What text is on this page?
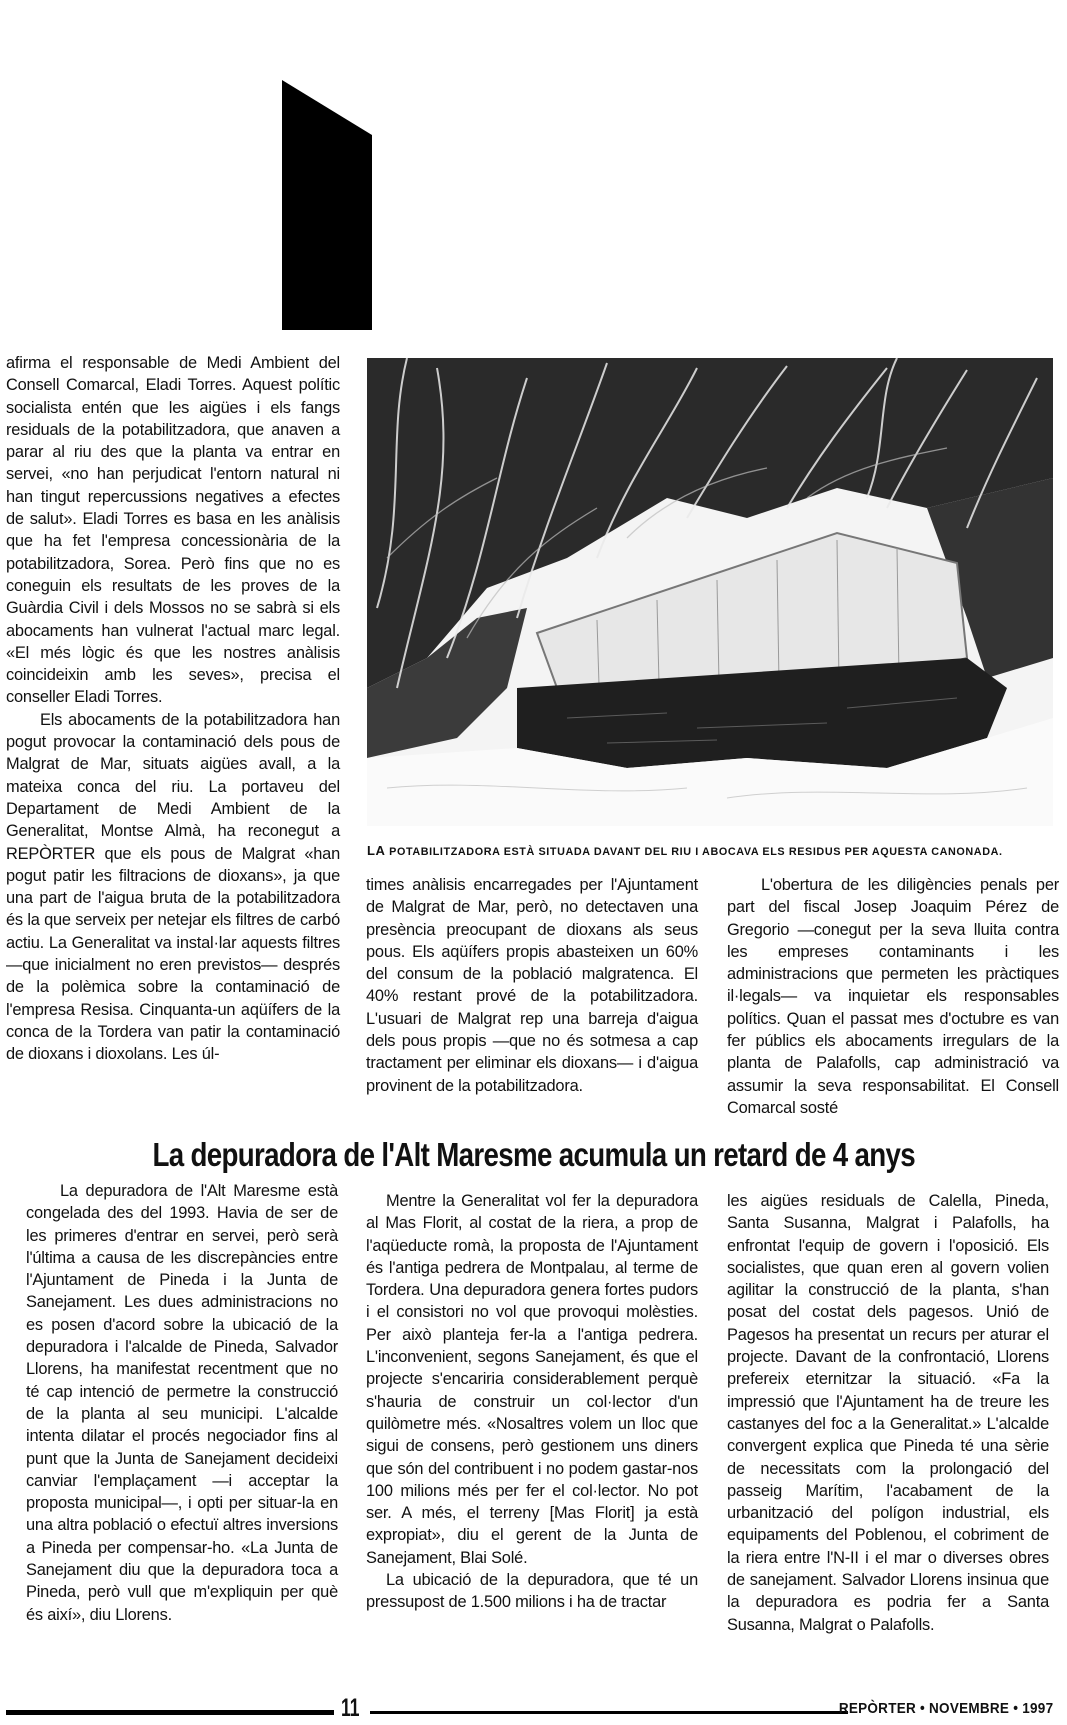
afirma el responsable de Medi Ambient del Consell Comarcal, Eladi Torres. Aquest polític socialista entén que les aigües i els fangs residuals de la potabilitzadora, que anaven a parar al riu des que la planta va entrar en servei, «no han perjudicat l'entorn natural ni han tingut repercussions negatives a efectes de salut». Eladi Torres es basa en les anàlisis que ha fet l'empresa concessionària de la potabilitzadora, Sorea. Però fins que no es coneguin els resultats de les proves de la Guàrdia Civil i dels Mossos no se sabrà si els abocaments han vulnerat l'actual marc legal. «El més lògic és que les nostres anàlisis coincideixin amb les seves», precisa el conseller Eladi Torres.

Els abocaments de la potabilitzadora han pogut provocar la contaminació dels pous de Malgrat de Mar, situats aigües avall, a la mateixa conca del riu. La portaveu del Departament de Medi Ambient de la Generalitat, Montse Almà, ha reconegut a REPÒRTER que els pous de Malgrat «han pogut patir les filtracions de dioxans», ja que una part de l'aigua bruta de la potabilitzadora és la que serveix per netejar els filtres de carbó actiu. La Generalitat va instal·lar aquests filtres —que inicialment no eren previstos— després de la polèmica sobre la contaminació de l'empresa Resisa. Cinquanta-un aqüífers de la conca de la Tordera van patir la contaminació de dioxans i dioxolans. Les úl-

LA POTABILITZADORA ESTÀ SITUADA DAVANT DEL RIU I ABOCAVA ELS RESIDUS PER AQUESTA CANONADA.

times anàlisis encarregades per l'Ajuntament de Malgrat de Mar, però, no detectaven una presència preocupant de dioxans als seus pous. Els aqüífers propis abasteixen un 60% del consum de la població malgratenca. El 40% restant prové de la potabilitzadora. L'usuari de Malgrat rep una barreja d'aigua dels pous propis —que no és sotmesa a cap tractament per eliminar els dioxans— i d'aigua provinent de la potabilitzadora.

L'obertura de les diligències penals per part del fiscal Josep Joaquim Pérez de Gregorio —conegut per la seva lluita contra les empreses contaminants i les administracions que permeten les pràctiques il·legals— va inquietar els responsables polítics. Quan el passat mes d'octubre es van fer públics els abocaments irregulars de la planta de Palafolls, cap administració va assumir la seva responsabilitat. El Consell Comarcal sosté

La depuradora de l'Alt Maresme acumula un retard de 4 anys

La depuradora de l'Alt Maresme està congelada des del 1993. Havia de ser de les primeres d'entrar en servei, però serà l'última a causa de les discrepàncies entre l'Ajuntament de Pineda i la Junta de Sanejament. Les dues administracions no es posen d'acord sobre la ubicació de la depuradora i l'alcalde de Pineda, Salvador Llorens, ha manifestat recentment que no té cap intenció de permetre la construcció de la planta al seu municipi. L'alcalde intenta dilatar el procés negociador fins al punt que la Junta de Sanejament decideixi canviar l'emplaçament —i acceptar la proposta municipal—, i opti per situar-la en una altra població o efectuï altres inversions a Pineda per compensar-ho. «La Junta de Sanejament diu que la depuradora toca a Pineda, però vull que m'expliquin per què és així», diu Llorens.

Mentre la Generalitat vol fer la depuradora al Mas Florit, al costat de la riera, a prop de l'aqüeducte romà, la proposta de l'Ajuntament és l'antiga pedrera de Montpalau, al terme de Tordera. Una depuradora genera fortes pudors i el consistori no vol que provoqui molèsties. Per això planteja fer-la a l'antiga pedrera. L'inconvenient, segons Sanejament, és que el projecte s'encariria considerablement perquè s'hauria de construir un col·lector d'un quilòmetre més. «Nosaltres volem un lloc que sigui de consens, però gestionem uns diners que són del contribuent i no podem gastar-nos 100 milions més per fer el col·lector. No pot ser. A més, el terreny [Mas Florit] ja està expropiat», diu el gerent de la Junta de Sanejament, Blai Solé.

La ubicació de la depuradora, que té un pressupost de 1.500 milions i ha de tractar

les aigües residuals de Calella, Pineda, Santa Susanna, Malgrat i Palafolls, ha enfrontat l'equip de govern i l'oposició. Els socialistes, que quan eren al govern volien agilitar la construcció de la planta, s'han posat del costat dels pagesos. Unió de Pagesos ha presentat un recurs per aturar el projecte. Davant de la confrontació, Llorens prefereix eternitzar la situació. «Fa la impressió que l'Ajuntament ha de treure les castanyes del foc a la Generalitat.» L'alcalde convergent explica que Pineda té una sèrie de necessitats com la prolongació del passeig Marítim, l'acabament de la urbanització del polígon industrial, els equipaments del Poblenou, el cobriment de la riera entre l'N-II i el mar o diverses obres de sanejament. Salvador Llorens insinua que la depuradora es podria fer a Santa Susanna, Malgrat o Palafolls.

11	REPÒRTER • NOVEMBRE • 1997
